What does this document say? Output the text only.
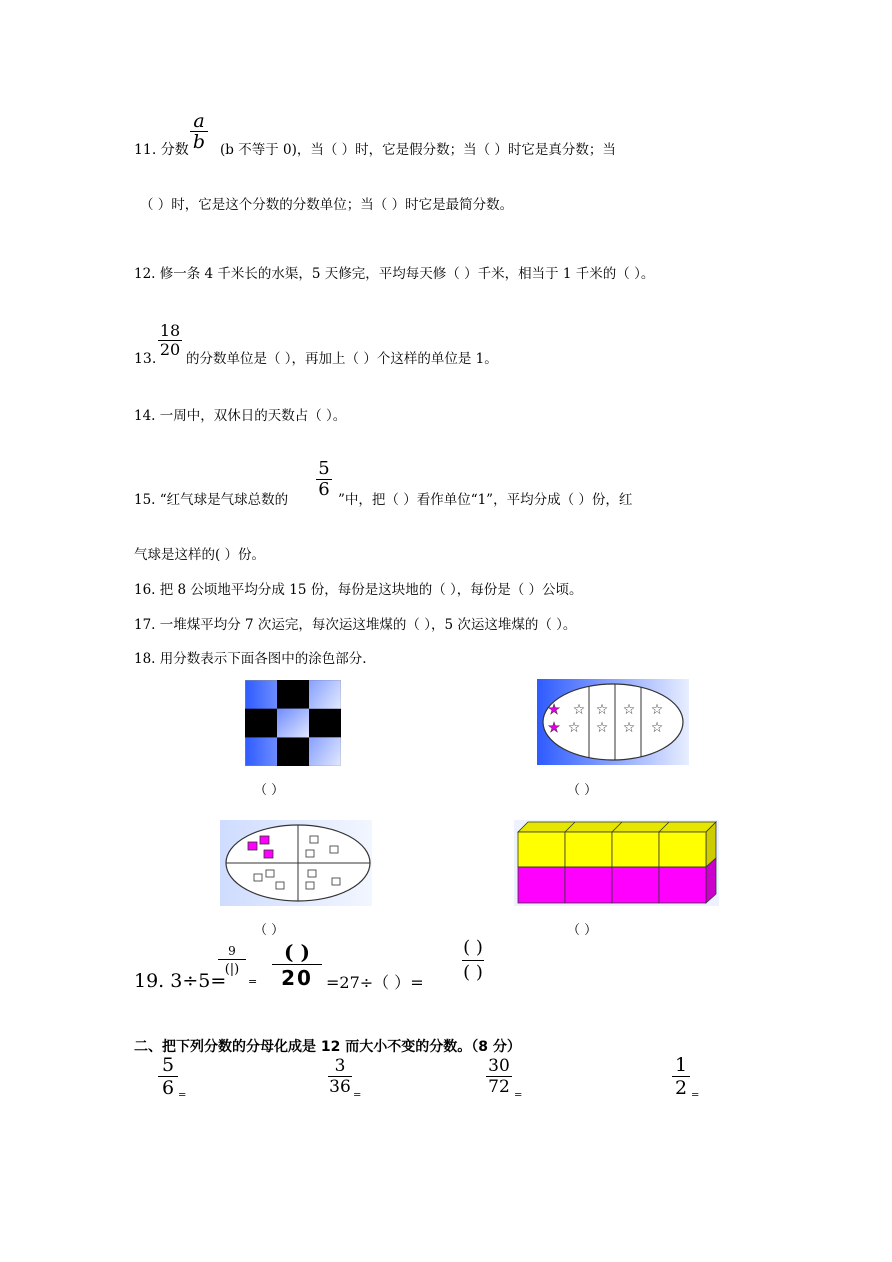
a
b
11. 分数 (b 不等于 0)，当（ ）时，它是假分数；当（ ）时它是真分数；当
（ ）时，它是这个分数的分数单位；当（ ）时它是最简分数。
12. 修一条 4 千米长的水渠，5 天修完，平均每天修（ ）千米，相当于 1 千米的（ ）。
18
20
13. 的分数单位是（ ），再加上（ ）个这样的单位是 1。
14. 一周中，双休日的天数占（ ）。
5
6
15. “红气球是气球总数的	”中，把（ ）看作单位“1”，平均分成（ ）份，红
气球是这样的( ）份。
16. 把 8 公顷地平均分成 15 份，每份是这块地的（ ），每份是（ ）公顷。
17. 一堆煤平均分 7 次运完，每次运这堆煤的（ ），5 次运这堆煤的（ ）。
18. 用分数表示下面各图中的涂色部分.
（ ）
★
★
☆
☆
☆
☆
☆
☆
☆
☆
（ ）
（ ）	（ ）
19. 3÷5=
9
(|)
=
( )
20 =27÷（ ）=
( )
( )
二、把下列分数的分母化成是 12 而大小不变的分数。（8 分）
5
6 =
3
36 =
30
72 =
1
2 =
